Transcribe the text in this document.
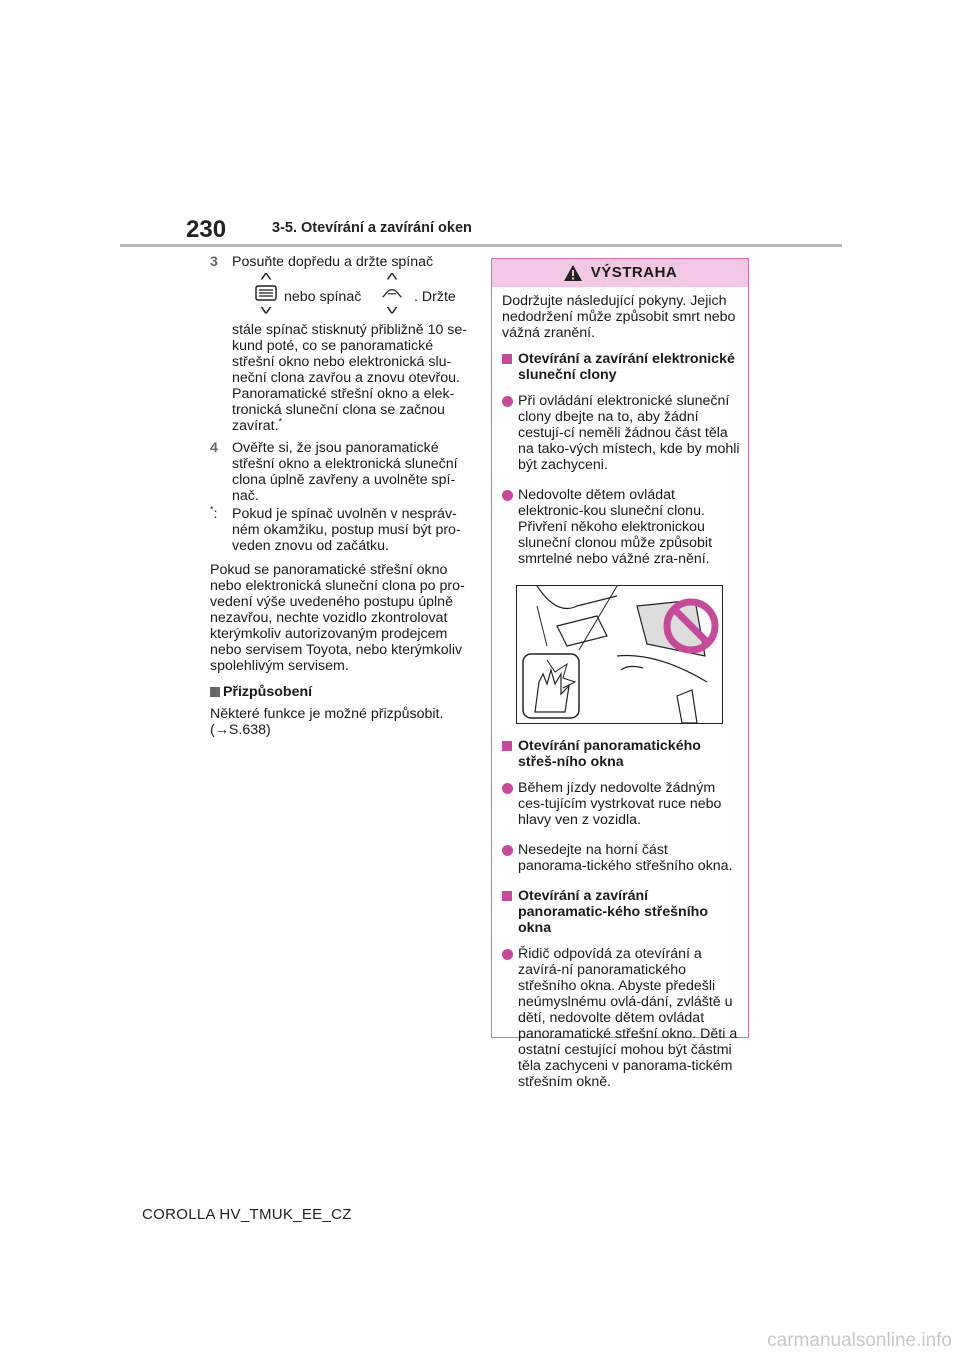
230	3-5. Otevírání a zavírání oken
3 Posuňte dopředu a držte spínač
˄
˅
nebo spínač
˄
˅
. Držte
stále spínač stisknutý přibližně 10 se-kund poté, co se panoramatické střešní okno nebo elektronická slu-neční clona zavřou a znovu otevřou. Panoramatické střešní okno a elek-tronická sluneční clona se začnou zavírat.*
4 Ověřte si, že jsou panoramatické střešní okno a elektronická sluneční clona úplně zavřeny a uvolněte spí-nač.
*: Pokud je spínač uvolněn v nespráv-ném okamžiku, postup musí být pro-veden znovu od začátku.
Pokud se panoramatické střešní okno nebo elektronická sluneční clona po pro-vedení výše uvedeného postupu úplně nezavřou, nechte vozidlo zkontrolovat kterýmkoliv autorizovaným prodejcem nebo servisem Toyota, nebo kterýmkoliv spolehlivým servisem.
Přizpůsobení
Některé funkce je možné přizpůsobit.
(→S.638)
VÝSTRAHA
Dodržujte následující pokyny. Jejich nedodržení může způsobit smrt nebo vážná zranění.
Otevírání a zavírání elektronické sluneční clony
Při ovládání elektronické sluneční clony dbejte na to, aby žádní cestují-cí neměli žádnou část těla na tako-vých místech, kde by mohli být zachyceni.
Nedovolte dětem ovládat elektronic-kou sluneční clonu. Přivření někoho elektronickou sluneční clonou může způsobit smrtelné nebo vážné zra-nění.
Otevírání panoramatického střeš-ního okna
Během jízdy nedovolte žádným ces-tujícím vystrkovat ruce nebo hlavy ven z vozidla.
Nesedejte na horní část panorama-tického střešního okna.
Otevírání a zavírání panoramatic-kého střešního okna
Řidič odpovídá za otevírání a zavírá-ní panoramatického střešního okna. Abyste předešli neúmyslnému ovlá-dání, zvláště u dětí, nedovolte dětem ovládat panoramatické střešní okno. Děti a ostatní cestující mohou být částmi těla zachyceni v panorama-tickém střešním okně.
COROLLA HV_TMUK_EE_CZ
carmanualsonline.info
